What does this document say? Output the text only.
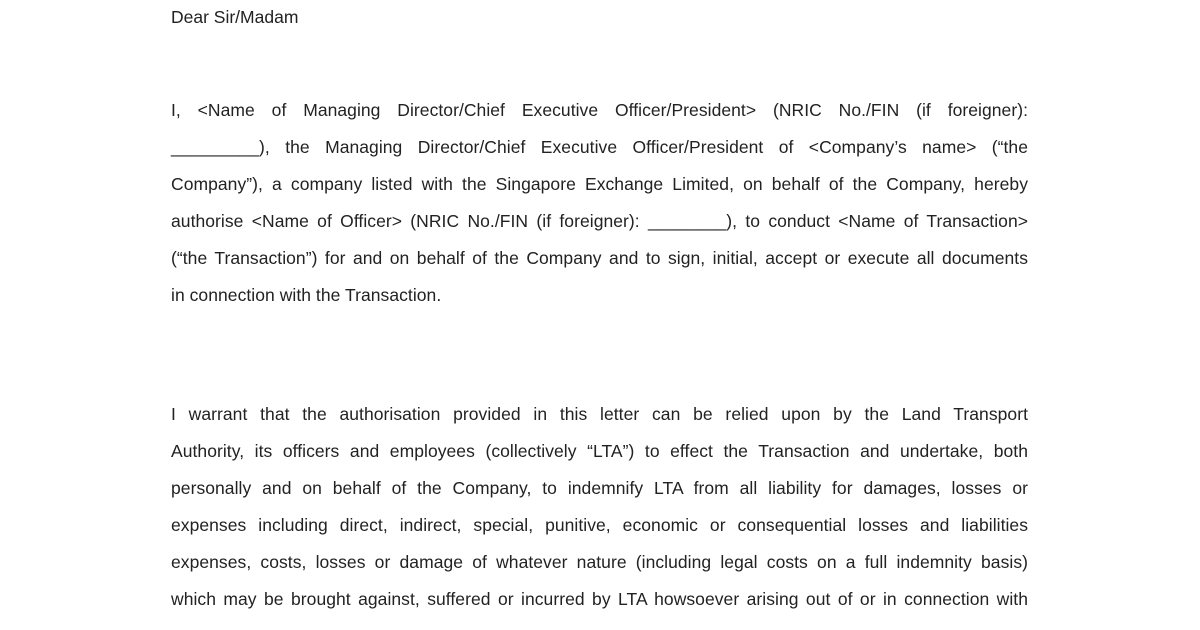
Dear Sir/Madam

I, <Name of Managing Director/Chief Executive Officer/President> (NRIC No./FIN (if foreigner):
_________), the Managing Director/Chief Executive Officer/President of <Company’s name> (“the
Company”), a company listed with the Singapore Exchange Limited, on behalf of the Company, hereby
authorise <Name of Officer> (NRIC No./FIN (if foreigner): ________), to conduct <Name of Transaction>
(“the Transaction”) for and on behalf of the Company and to sign, initial, accept or execute all documents
in connection with the Transaction.
I warrant that the authorisation provided in this letter can be relied upon by the Land Transport
Authority, its officers and employees (collectively “LTA”) to effect the Transaction and undertake, both
personally and on behalf of the Company, to indemnify LTA from all liability for damages, losses or
expenses including direct, indirect, special, punitive, economic or consequential losses and liabilities
expenses, costs, losses or damage of whatever nature (including legal costs on a full indemnity basis)
which may be brought against, suffered or incurred by LTA howsoever arising out of or in connection with
